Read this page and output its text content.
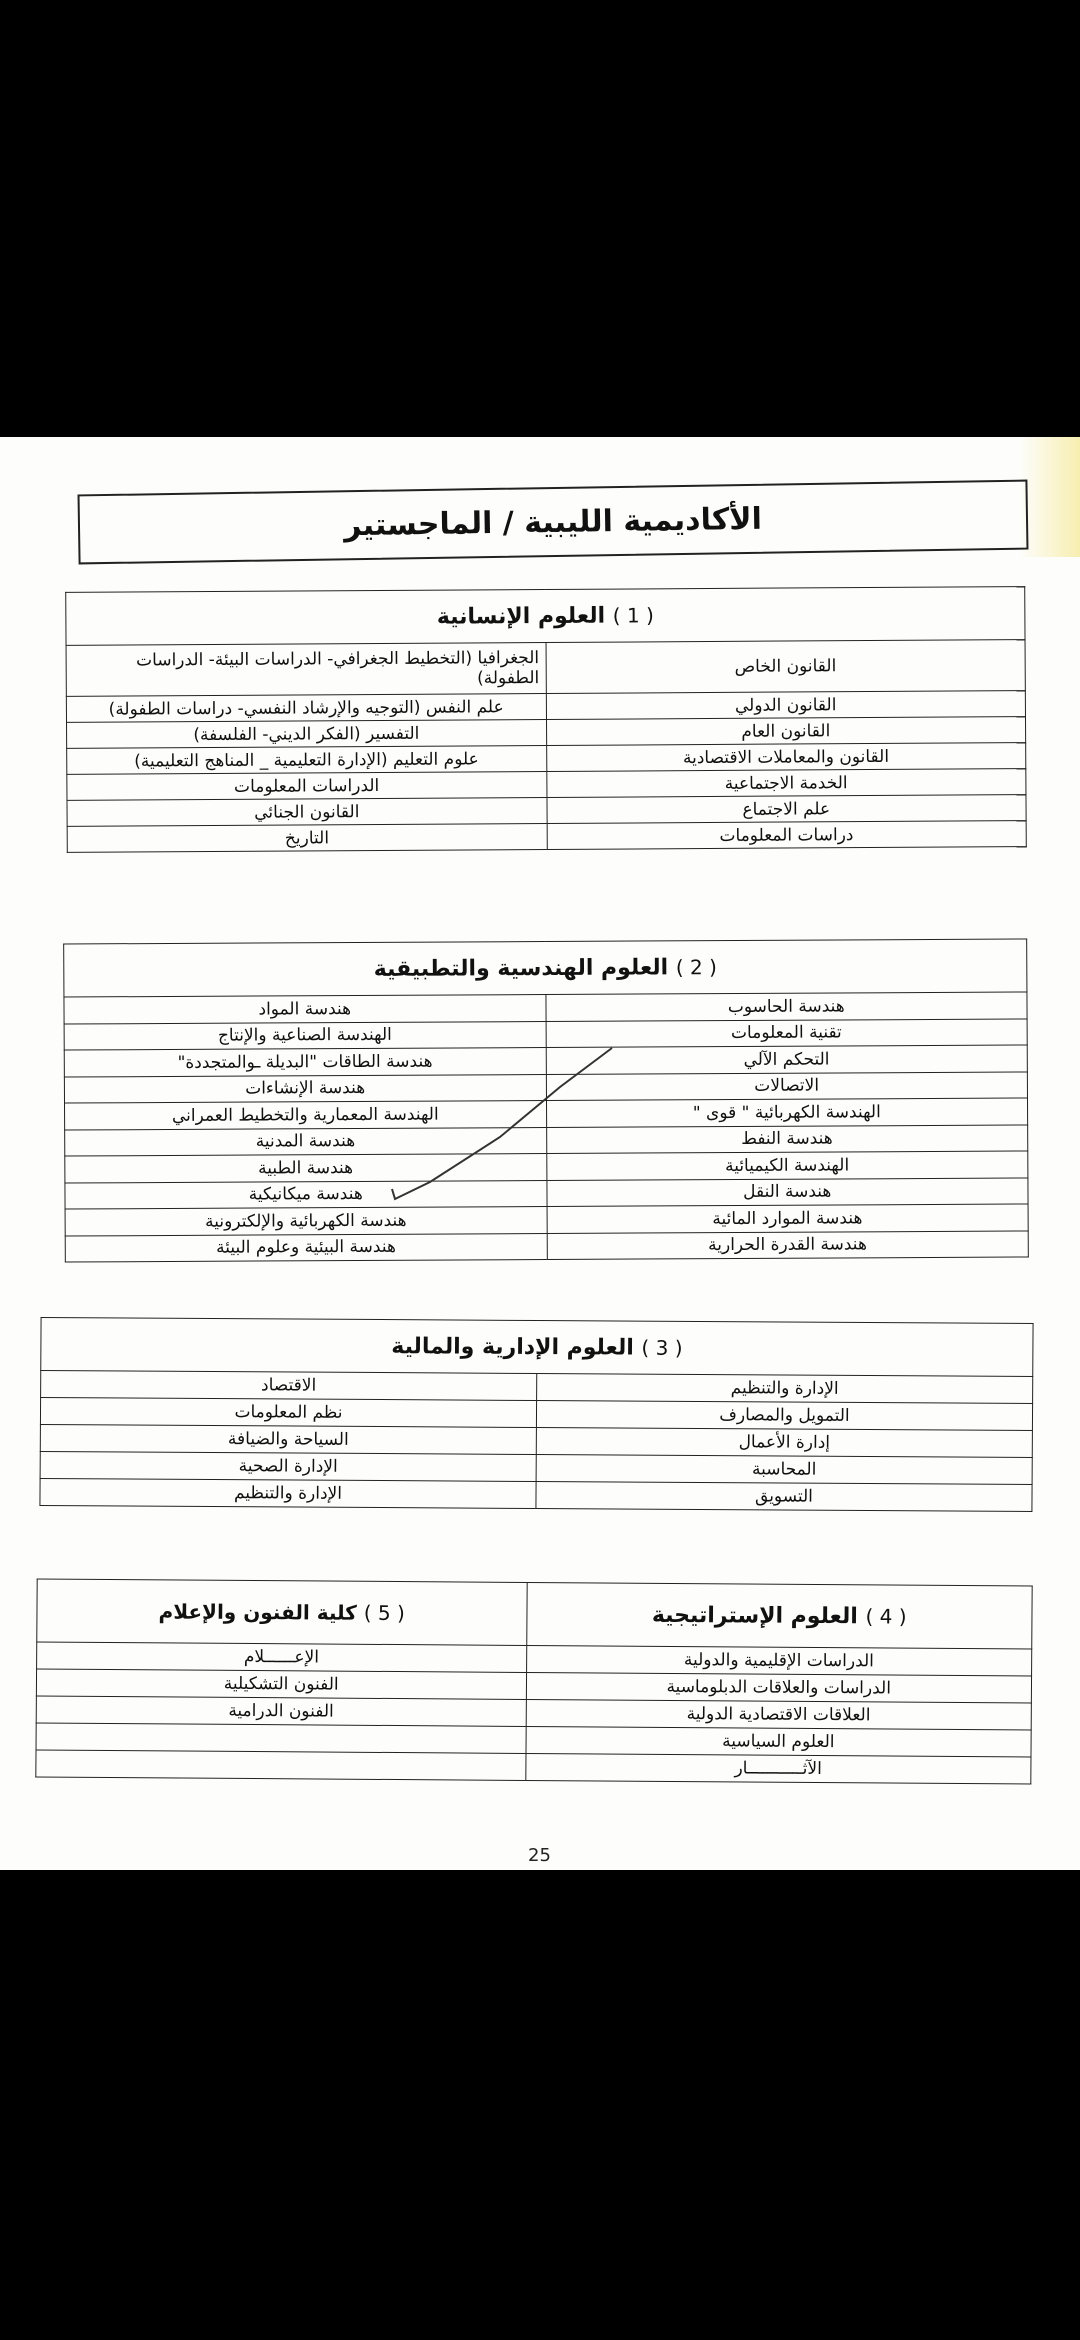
الأكاديمية الليبية / الماجستير
( 1 ) العلوم الإنسانية	
القانون الخاص	الجغرافيا (التخطيط الجغرافي- الدراسات البيئة- الدراسات الطفولة)
القانون الدولي	علم النفس (التوجيه والإرشاد النفسي- دراسات الطفولة)
القانون العام	التفسير (الفكر الديني- الفلسفة)
القانون والمعاملات الاقتصادية	علوم التعليم (الإدارة التعليمية _ المناهج التعليمية)
الخدمة الاجتماعية	الدراسات المعلومات
علم الاجتماع	القانون الجنائي
دراسات المعلومات	التاريخ
( 2 ) العلوم الهندسية والتطبيقية	
هندسة الحاسوب	هندسة المواد
تقنية المعلومات	الهندسة الصناعية والإنتاج
التحكم الآلي	هندسة الطاقات "البديلة ـوالمتجددة"
الاتصالات	هندسة الإنشاءات
الهندسة الكهربائية " قوى "	الهندسة المعمارية والتخطيط العمراني
هندسة النفط	هندسة المدنية
الهندسة الكيميائية	هندسة الطبية
هندسة النقل	هندسة ميكانيكية
هندسة الموارد المائية	هندسة الكهربائية والإلكترونية
هندسة القدرة الحرارية	هندسة البيئية وعلوم البيئة
( 3 ) العلوم الإدارية والمالية	
الإدارة والتنظيم	الاقتصاد
التمويل والمصارف	نظم المعلومات
إدارة الأعمال	السياحة والضيافة
المحاسبة	الإدارة الصحية
التسويق	الإدارة والتنظيم
( 4 ) العلوم الإستراتيجية	( 5 ) كلية الفنون والإعلام
الدراسات الإقليمية والدولية	الإعــــــلام
الدراسات والعلاقات الدبلوماسية	الفنون التشكيلية
العلاقات الاقتصادية الدولية	الفنون الدرامية
العلوم السياسية	
الآثـــــــــــار	
25
